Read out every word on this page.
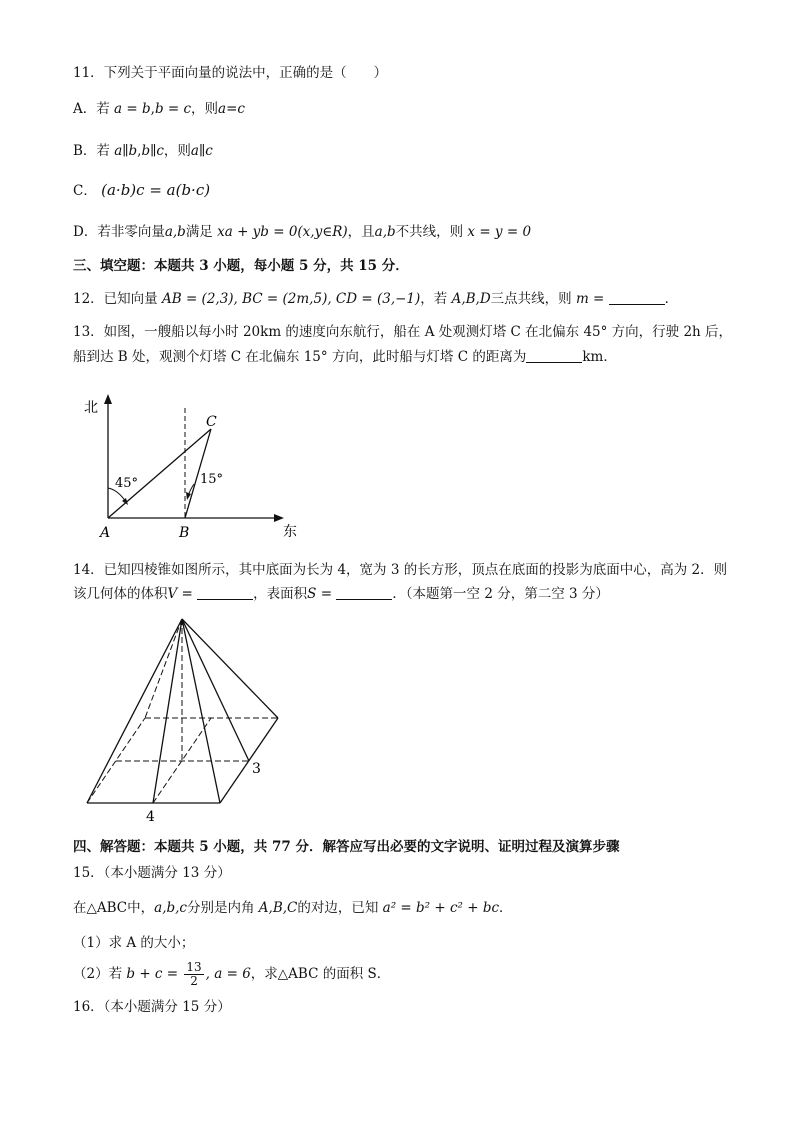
11．下列关于平面向量的说法中，正确的是（　　）
A．若 a = b,b = c，则a=c
B．若 a∥b,b∥c，则a∥c
C． (a·b)c = a(b·c)
D．若非零向量a,b满足 xa + yb = 0(x,y∈R)，且a,b不共线，则 x = y = 0
三、填空题：本题共 3 小题，每小题 5 分，共 15 分．
12．已知向量 AB = (2,3), BC = (2m,5), CD = (3,−1)，若 A,B,D三点共线，则 m =	．
13．如图，一艘船以每小时 20km 的速度向东航行，船在 A 处观测灯塔 C 在北偏东 45° 方向，行驶 2h 后，
船到达 B 处，观测个灯塔 C 在北偏东 15° 方向，此时船与灯塔 C 的距离为	km．
北
东
A	B
C
45°	15°
14．已知四棱锥如图所示，其中底面为长为 4，宽为 3 的长方形，顶点在底面的投影为底面中心，高为 2．则
该几何体的体积V =	，表面积S =	．（本题第一空 2 分，第二空 3 分）
4
3
四、解答题：本题共 5 小题，共 77 分．解答应写出必要的文字说明、证明过程及演算步骤
15．（本小题满分 13 分）
在△ABC中，a,b,c分别是内角 A,B,C的对边，已知 a² = b² + c² + bc．
（1）求 A 的大小；
（2）若 $b + c = \frac{13}{2}$ , a = 6，求△ABC 的面积 S．
16．（本小题满分 15 分）
